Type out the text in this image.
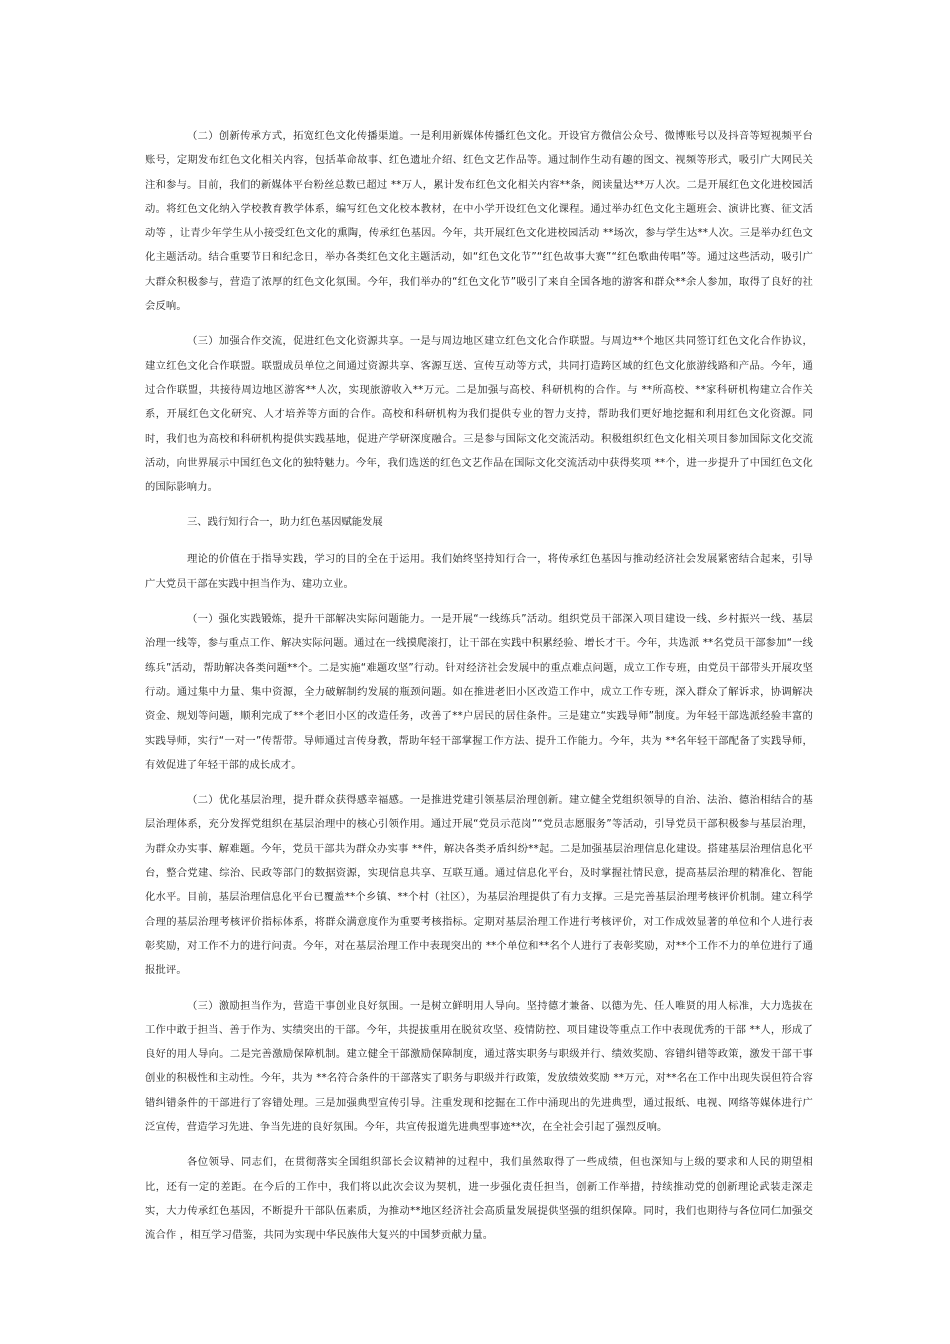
（二）创新传承方式，拓宽红色文化传播渠道。一是利用新媒体传播红色文化。开设官方微信公众号、微博账号以及抖音等短视频平台账号，定期发布红色文化相关内容，包括革命故事、红色遗址介绍、红色文艺作品等。通过制作生动有趣的图文、视频等形式，吸引广大网民关注和参与。目前，我们的新媒体平台粉丝总数已超过 **万人，累计发布红色文化相关内容**条，阅读量达**万人次。二是开展红色文化进校园活动。将红色文化纳入学校教育教学体系，编写红色文化校本教材，在中小学开设红色文化课程。通过举办红色文化主题班会、演讲比赛、征文活动等 ，让青少年学生从小接受红色文化的熏陶，传承红色基因。今年，共开展红色文化进校园活动 **场次，参与学生达**人次。三是举办红色文化主题活动。结合重要节日和纪念日，举办各类红色文化主题活动，如“红色文化节”“红色故事大赛”“红色歌曲传唱”等。通过这些活动，吸引广大群众积极参与，营造了浓厚的红色文化氛围。今年，我们举办的“红色文化节”吸引了来自全国各地的游客和群众**余人参加，取得了良好的社会反响。

（三）加强合作交流，促进红色文化资源共享。一是与周边地区建立红色文化合作联盟。与周边**个地区共同签订红色文化合作协议，建立红色文化合作联盟。联盟成员单位之间通过资源共享、客源互送、宣传互动等方式，共同打造跨区域的红色文化旅游线路和产品。今年，通过合作联盟，共接待周边地区游客**人次，实现旅游收入**万元。二是加强与高校、科研机构的合作。与 **所高校、**家科研机构建立合作关系，开展红色文化研究、人才培养等方面的合作。高校和科研机构为我们提供专业的智力支持，帮助我们更好地挖掘和利用红色文化资源。同时，我们也为高校和科研机构提供实践基地，促进产学研深度融合。三是参与国际文化交流活动。积极组织红色文化相关项目参加国际文化交流活动，向世界展示中国红色文化的独特魅力。今年，我们选送的红色文艺作品在国际文化交流活动中获得奖项 **个，进一步提升了中国红色文化的国际影响力。

三、践行知行合一，助力红色基因赋能发展

理论的价值在于指导实践，学习的目的全在于运用。我们始终坚持知行合一，将传承红色基因与推动经济社会发展紧密结合起来，引导广大党员干部在实践中担当作为、建功立业。

（一）强化实践锻炼，提升干部解决实际问题能力。一是开展“一线练兵”活动。组织党员干部深入项目建设一线、乡村振兴一线、基层治理一线等，参与重点工作、解决实际问题。通过在一线摸爬滚打，让干部在实践中积累经验、增长才干。今年，共选派 **名党员干部参加“一线练兵”活动，帮助解决各类问题**个。二是实施“难题攻坚”行动。针对经济社会发展中的重点难点问题，成立工作专班，由党员干部带头开展攻坚行动。通过集中力量、集中资源，全力破解制约发展的瓶颈问题。如在推进老旧小区改造工作中，成立工作专班，深入群众了解诉求，协调解决资金、规划等问题，顺利完成了**个老旧小区的改造任务，改善了**户居民的居住条件。三是建立“实践导师”制度。为年轻干部选派经验丰富的实践导师，实行“一对一”传帮带。导师通过言传身教，帮助年轻干部掌握工作方法、提升工作能力。今年，共为 **名年轻干部配备了实践导师，有效促进了年轻干部的成长成才。

（二）优化基层治理，提升群众获得感幸福感。一是推进党建引领基层治理创新。建立健全党组织领导的自治、法治、德治相结合的基层治理体系，充分发挥党组织在基层治理中的核心引领作用。通过开展“党员示范岗”“党员志愿服务”等活动，引导党员干部积极参与基层治理，为群众办实事、解难题。今年，党员干部共为群众办实事 **件，解决各类矛盾纠纷**起。二是加强基层治理信息化建设。搭建基层治理信息化平台，整合党建、综治、民政等部门的数据资源，实现信息共享、互联互通。通过信息化平台，及时掌握社情民意，提高基层治理的精准化、智能化水平。目前，基层治理信息化平台已覆盖**个乡镇、**个村（社区），为基层治理提供了有力支撑。三是完善基层治理考核评价机制。建立科学合理的基层治理考核评价指标体系，将群众满意度作为重要考核指标。定期对基层治理工作进行考核评价，对工作成效显著的单位和个人进行表彰奖励，对工作不力的进行问责。今年，对在基层治理工作中表现突出的 **个单位和**名个人进行了表彰奖励，对**个工作不力的单位进行了通报批评。

（三）激励担当作为，营造干事创业良好氛围。一是树立鲜明用人导向。坚持德才兼备、以德为先、任人唯贤的用人标准，大力选拔在工作中敢于担当、善于作为、实绩突出的干部。今年，共提拔重用在脱贫攻坚、疫情防控、项目建设等重点工作中表现优秀的干部 **人，形成了良好的用人导向。二是完善激励保障机制。建立健全干部激励保障制度，通过落实职务与职级并行、绩效奖励、容错纠错等政策，激发干部干事创业的积极性和主动性。今年，共为 **名符合条件的干部落实了职务与职级并行政策，发放绩效奖励 **万元，对**名在工作中出现失误但符合容错纠错条件的干部进行了容错处理。三是加强典型宣传引导。注重发现和挖掘在工作中涌现出的先进典型，通过报纸、电视、网络等媒体进行广泛宣传，营造学习先进、争当先进的良好氛围。今年，共宣传报道先进典型事迹**次，在全社会引起了强烈反响。

各位领导、同志们，在贯彻落实全国组织部长会议精神的过程中，我们虽然取得了一些成绩，但也深知与上级的要求和人民的期望相比，还有一定的差距。在今后的工作中，我们将以此次会议为契机，进一步强化责任担当，创新工作举措，持续推动党的创新理论武装走深走实，大力传承红色基因，不断提升干部队伍素质，为推动**地区经济社会高质量发展提供坚强的组织保障。同时，我们也期待与各位同仁加强交流合作 ，相互学习借鉴，共同为实现中华民族伟大复兴的中国梦贡献力量。
